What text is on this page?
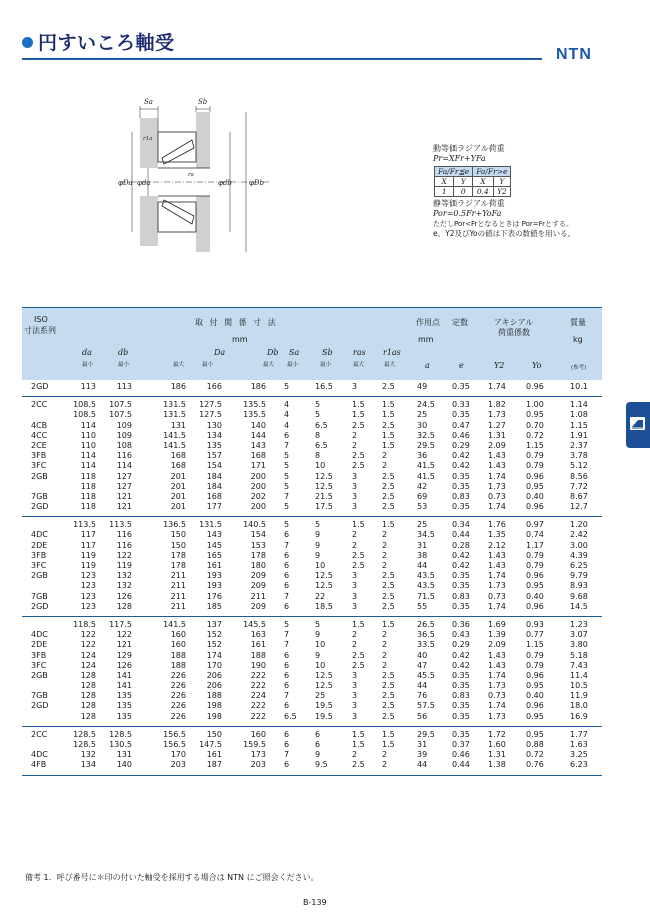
円すいころ軸受
NTN
Sa	Sb
r1a
ra
φDa φda	φdb φDb
動等価ラジアル荷重
Pr=XFr+YFa
Fa/Fr≦e		Fa/Fr>e	
X	Y	X	Y
1	0	0.4	Y2
静等価ラジアル荷重
Por=0.5Fr+YoFa
ただしPor<Frとなるときは Por=Frとする。
e、Y2及びYoの値は下表の数値を用いる。
ISO
寸法系列
取 付 関 係 寸 法
mm
作用点 定数	アキシアル
荷重係数
質量
kg
mm
da	db	Da	Db Sa	Sb	ras r1as
a	e	Y2	Yo
最小	最小	最大	最小	最大 最小	最小	最大	最大	(参考)
2GD	113	113	186	166	186 5	16.5	3	2.5	49	0.35	1.74	0.96	10.1
2CC	108.5	107.5	131.5	127.5	135.5 4	5	1.5	1.5	24.5	0.33	1.82	1.00	1.14
108.5	107.5	131.5	127.5	135.5 4	5	1.5	1.5	25	0.35	1.73	0.95	1.08
4CB	114	109	131	130	140 4	6.5	2.5	2.5	30	0.47	1.27	0.70	1.15
4CC	110	109	141.5	134	144 6	8	2	1.5	32.5	0.46	1.31	0.72	1.91
2CE	110	108	141.5	135	143 7	6.5	2	1.5	29.5	0.29	2.09	1.15	2.37
3FB	114	116	168	157	168 5	8	2.5	2	36	0.42	1.43	0.79	3.78
3FC	114	114	168	154	171 5	10	2.5	2	41.5	0.42	1.43	0.79	5.12
2GB	118	127	201	184	200 5	12.5	3	2.5	41.5	0.35	1.74	0.96	8.56
118	127	201	184	200 5	12.5	3	2.5	42	0.35	1.73	0.95	7.72
7GB	118	121	201	168	202 7	21.5	3	2.5	69	0.83	0.73	0.40	8.67
2GD	118	121	201	177	200 5	17.5	3	2.5	53	0.35	1.74	0.96	12.7
113.5	113.5	136.5	131.5	140.5 5	5	1.5	1.5	25	0.34	1.76	0.97	1.20
4DC	117	116	150	143	154 6	9	2	2	34.5	0.44	1.35	0.74	2.42
2DE	117	116	150	145	153 7	9	2	2	31	0.28	2.12	1.17	3.00
3FB	119	122	178	165	178 6	9	2.5	2	38	0.42	1.43	0.79	4.39
3FC	119	119	178	161	180 6	10	2.5	2	44	0.42	1.43	0.79	6.25
2GB	123	132	211	193	209 6	12.5	3	2.5	43.5	0.35	1.74	0.96	9.79
123	132	211	193	209 6	12.5	3	2.5	43.5	0.35	1.73	0.95	8.93
7GB	123	126	211	176	211 7	22	3	2.5	71.5	0.83	0.73	0.40	9.68
2GD	123	128	211	185	209 6	18.5	3	2.5	55	0.35	1.74	0.96	14.5
118.5	117.5	141.5	137	145.5 5	5	1.5	1.5	26.5	0.36	1.69	0.93	1.23
4DC	122	122	160	152	163 7	9	2	2	36.5	0.43	1.39	0.77	3.07
2DE	122	121	160	152	161 7	10	2	2	33.5	0.29	2.09	1.15	3.80
3FB	124	129	188	174	188 6	9	2.5	2	40	0.42	1.43	0.79	5.18
3FC	124	126	188	170	190 6	10	2.5	2	47	0.42	1.43	0.79	7.43
2GB	128	141	226	206	222 6	12.5	3	2.5	45.5	0.35	1.74	0.96	11.4
128	141	226	206	222 6	12.5	3	2.5	44	0.35	1.73	0.95	10.5
7GB	128	135	226	188	224 7	25	3	2.5	76	0.83	0.73	0.40	11.9
2GD	128	135	226	198	222 6	19.5	3	2.5	57.5	0.35	1.74	0.96	18.0
128	135	226	198	222 6.5 19.5	3	2.5	56	0.35	1.73	0.95	16.9
2CC	128.5	128.5	156.5	150	160 6	6	1.5	1.5	29.5	0.35	1.72	0.95	1.77
128.5	130.5	156.5	147.5	159.5 6	6	1.5	1.5	31	0.37	1.60	0.88	1.63
4DC	132	131	170	161	173 7	9	2	2	39	0.46	1.31	0.72	3.25
4FB	134	140	203	187	203 6	9.5	2.5	2	44	0.44	1.38	0.76	6.23
備考 1．呼び番号に＊印の付いた軸受を採用する場合は NTN にご照会ください。
B-139
